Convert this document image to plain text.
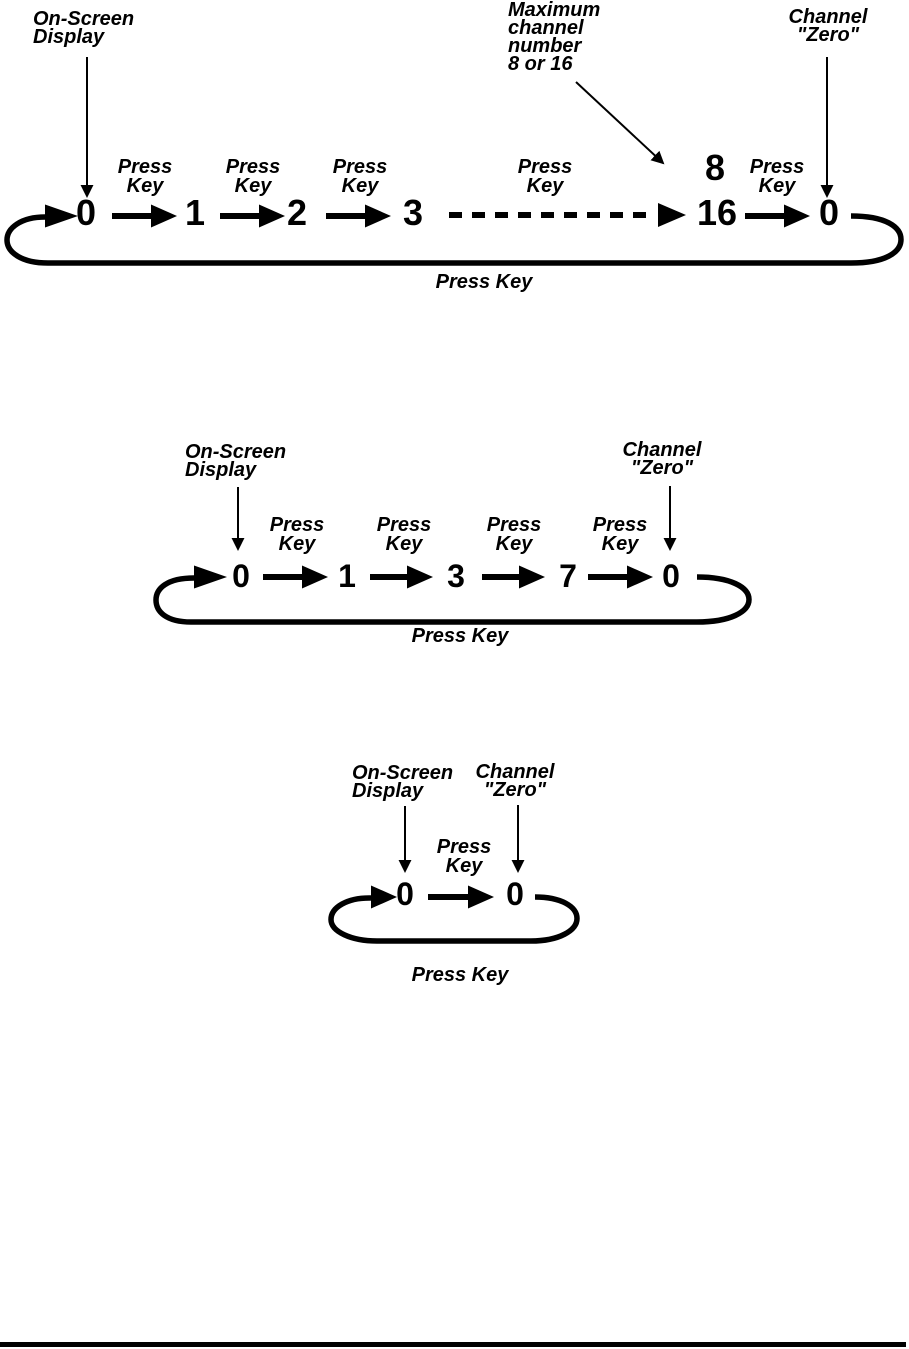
On-Screen
Display
Maximum
channel
number
8 or 16
Channel
"Zero"
Press
Key
Press
Key
Press
Key
Press
Key
Press
Key
0 1 2	3
8
16 0
Press Key
On-Screen
Display
Channel
"Zero"
Press
Key
Press
Key
Press
Key
Press
Key
0	1	3	7	0
Press Key
On-Screen
Display
Channel
"Zero"
Press
Key
0	0
Press Key
